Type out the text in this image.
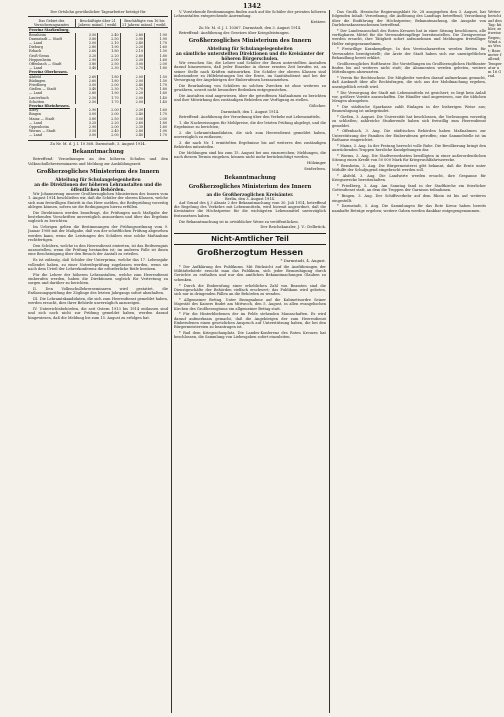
1342
Der Ortslohn gewöhnlicher Tagearbeiter beträgt für
Das Gebiet des Versicherungsamtes	Beschäftigte über 21 Jahren: männl. | weibl.		Beschäftigte von 16 bis 21 Jahren: männl. | weibl.	
Provinz Starkenburg.				
Bensheim	3.50	2.40	2.80	1.90
Darmstadt — Stadt	3.80	2.50	2.90	1.90
— Land	3.00	2.10	2.40	1.70
Dieburg	2.80	1.90	2.20	1.60
Erbach	2.60	1.80	2.10	1.50
Groß-Gerau	3.20	2.20	2.60	1.80
Heppenheim	2.90	2.00	2.30	1.60
Offenbach — Stadt	3.80	2.50	3.00	2.00
— Land	3.40	2.30	2.70	1.80
Provinz Oberhessen.				
Alsfeld	2.60	1.80	2.00	1.50
Büdingen	2.60	1.80	2.00	1.50
Friedberg	3.00	2.00	2.40	1.70
Gießen — Stadt	3.40	2.30	2.70	1.80
— Land	2.80	1.90	2.20	1.60
Lauterbach	2.50	1.70	2.00	1.40
Schotten	2.50	1.70	2.00	1.40
Provinz Rheinhessen.				
Alzey	2.90	2.00	2.30	1.60
Bingen	3.00	2.00	2.40	1.70
Mainz — Stadt	3.80	2.50	3.00	2.00
— Land	3.20	2.20	2.60	1.80
Oppenheim	2.90	2.00	2.30	1.60
Worms — Stadt	3.50	2.40	2.80	1.90
— Land	3.00	2.00	2.40	1.70
Zu Nr. M. d. J. I. 10 368. Darmstadt, 3. August 1914.
Bekanntmachung
Betreffend: Verordnungen an den höheren Schulen und den Volksschullehrerseminaren und Meldung zur Ausbildungszeit.
Großherzogliches Ministerium des Innern
Abteilung für Schulangelegenheiten
an die Direktionen der höheren Lehranstalten und die öffentlichen Behörden.
Wir Johannerung unserer Großherzoglichen Ministerium des Innern vom 1. August 1914 beschließen wir, daß die Schüler der oberen Klassen, welche sich zum freiwilligen Eintritt in das Heer melden, die Reifeprüfung vorzeitig ablegen können, sofern sie die Bedingungen hierzu erfüllen.
Die Direktionen werden beauftragt, die Prüfungen nach Maßgabe der bestehenden Vorschriften unverzüglich anzuordnen und über das Ergebnis sogleich zu berichten.
Im Uebrigen gelten die Bestimmungen der Prüfungsordnung vom 9. Januar 1908 mit der Maßgabe, daß von der schriftlichen Prüfung abgesehen werden kann, wenn die Leistungen des Schülers eine solche Maßnahme rechtfertigen.
Den Schülern, welche in den Heeresdienst eintreten, ist das Reifezeugnis auszustellen, wenn die Prüfung bestanden ist; im anderen Falle ist ihnen eine Bescheinigung über den Besuch der Anstalt zu erteilen.
Es ist zulässig, daß Schüler der Unterprima, welche das 17. Lebensjahr vollendet haben, zu einer Notreifeprüfung zugelassen werden, wenn sie nach dem Urteil der Lehrerkonferenz die erforderliche Reife besitzen.
Für die Lehrer der höheren Lehranstalten, welche zum Heeresdienst einberufen werden, haben die Direktionen sogleich für Vertretung zu sorgen und darüber zu berichten.
II. Den Volksschullehrerseminaren wird gestattet, die Entlassungsprüfung der Zöglinge des letzten Jahrgangs sofort abzuhalten.
III. Die Lehramtskandidaten, die sich zum Heeresdienst gemeldet haben, werden ersucht, dies ihrer Behörde unverzüglich anzuzeigen.
IV. Unterrichtsbehörden, die seit Ostern 1913 bis 1914 entlassen sind und sich noch nicht zur Prüfung gemeldet haben, werden darauf hingewiesen, daß die Meldung bis zum 15. August zu erfolgen hat.
V. Vorstehende Bestimmungen finden auch auf die Schüler der privaten höheren Lehranstalten entsprechende Anwendung.
Krätzer.
Zu Nr. M. d. J. I. 10367. Darmstadt, den 3. August 1914.
Betreffend: Ausführung des Gesetzes über Kriegsleistungen.
Großherzogliches Ministerium des Innern
Abteilung für Schulangelegenheiten
an sämtliche unterstellten Direktionen und die Kreisämter der höheren Bürgerschulen.
Wir ersuchen Sie, die Lehrer und Schüler der Ihnen unterstellten Anstalten darauf hinzuweisen, daß jeder Einzelne in dieser ernsten Zeit berufen ist, an seiner Stelle nach Kräften mitzuwirken. Die Schüler der oberen Klassen sind insbesondere zu Hilfeleistungen bei der Ernte, im Sanitätsdienst und bei der Versorgung der Angehörigen der Einberufenen heranzuziehen.
Die Beurlaubung von Schülern zu solchen Zwecken ist ohne weiteres zu gewähren, soweit nicht besondere Bedenken entgegenstehen.
Die Anstalten sind angewiesen, über die getroffenen Maßnahmen zu berichten und ihre Mitwirkung den zuständigen Behörden zur Verfügung zu stellen.
Gölicher.
Darmstadt, den 1. August 1914.
Betreffend: Ausführung der Verordnung über den Verkehr mit Lebensmitteln.
1. die Nachweisungen für Mehlpreise, die der letzten Prüfung abgelegt, und die Ergebnisse zu berichten;
2. die Lehramtskandidaten, die sich zum Heeresdienst gemeldet haben, unverzüglich zu entlassen;
3. die nach Nr. 1 ermittelten Ergebnisse bis auf weiteres den zuständigen Behörden mitzuteilen.
Die Meldungen sind bis zum 15. August bei uns einzureichen; Meldungen, die nach diesem Termin eingehen, können nicht mehr berücksichtigt werden.
Hölzinger
Seiderleen.
Bekanntmachung
Großherzogliches Ministerium des Innern
an die Großherzoglichen Kreisämter.
Berlin, den 3. August 1914.
Auf Grund des § 3 Absatz 2 der Bekanntmachung vom 30. Juli 1914, betreffend die Regelung des Verkehrs mit Lebensmitteln, wird hiermit angeordnet, daß die Kreisämter die Höchstpreise für die wichtigsten Lebensmittel unverzüglich festzusetzen haben.
Die Bekanntmachung ist in ortsüblicher Weise zu veröffentlichen.
Der Reichskanzler. J. V.: Delbrück.
Nicht-Amtlicher Teil
Großherzogtum Hessen
* Darmstadt, 4. August.
* Der Aufklärung des Publikums. Mit Rücksicht auf die Ausführungen der Militärbehörde ersucht man das Publikum, sich jeder Beunruhigung durch Gerüchte zu enthalten und nur den amtlichen Bekanntmachungen Glauben zu schenken.
* Durch die Einberufung einer erheblichen Zahl von Beamten sind die Dienstgeschäfte der Behörden vielfach erschwert; das Publikum wird gebeten, sich nur in dringenden Fällen an die Behörden zu wenden.
* Allgemeiner Bettag. Unter Bezugnahme auf die Kabinettsordre Seiner Majestät des Kaisers findet am Mittwoch, den 5. August, in allen evangelischen Kirchen des Großherzogtums ein allgemeiner Bettag statt.
* Für die Hinterbliebenen der im Felde stehenden Mannschaften. Es wird darauf aufmerksam gemacht, daß die Angehörigen der zum Heeresdienst Einberufenen einen gesetzlichen Anspruch auf Unterstützung haben, die bei den Bürgermeistereien zu beantragen ist.
* Rad dem Kriegsschauplatz. Die Landes-Konferenz des Roten Kreuzes hat beschlossen, die Sammlung von Liebesgaben sofort einzuleiten.
Das Großh. Hessische Regierungsblatt Nr. 28 ausgegeben den 3. August, hat folgenden Inhalt: Verordnung, die Auflösung des Landtags betreffend; Verordnung über die Einführung der Höchstpreise; Bekanntmachung, die Ausgabe von Darlehenskassenscheinen betreffend.
* Der Landesausschuß des Roten Kreuzes hat in einer Sitzung beschlossen, alle verfügbaren Mittel für die Verwundetenpflege bereitzustellen. Die Zweigvereine werden ersucht, ihre Tätigkeit sofort aufzunehmen und Meldungen freiwilliger Helfer entgegenzunehmen.
* Freiwillige Krankenpflege. In den Vereinslazaretten werden Betten für Verwundete bereitgestellt; die Ärzte der Stadt haben sich zur unentgeltlichen Behandlung bereit erklärt.
Großherzogliches Hoftheater. Die Vorstellungen im Großherzoglichen Hoftheater finden bis auf weiteres nicht statt; die Abonnenten werden gebeten, weitere Mitteilungen abzuwarten.
* Verein für Rechtsschutz. Die Mitglieder werden darauf aufmerksam gemacht, daß Auskunft über alle Rechtsfragen, die sich aus der Mobilmachung ergeben, unentgeltlich erteilt wird.
* Die Versorgung der Stadt mit Lebensmitteln ist gesichert; es liegt kein Anlaß vor, größere Vorräte anzuschaffen. Die Händler sind angewiesen, nur die üblichen Mengen abzugeben.
* Die städtische Sparkasse zahlt Einlagen in der bisherigen Weise aus; Beunruhigung ist unbegründet.
* Gießen, 3. August. Die Universität hat beschlossen, die Vorlesungen vorzeitig zu schließen; zahlreiche Studierende haben sich freiwillig zum Heeresdienst gemeldet.
* Offenbach, 3. Aug. Die städtischen Behörden haben Maßnahmen zur Unterstützung der Familien der Einberufenen getroffen; eine Sammelstelle ist im Rathause eingerichtet.
* Mainz, 3. Aug. In der Festung herrscht volle Ruhe. Die Bevölkerung bringt den ausrückenden Truppen herzliche Kundgebungen dar.
* Worms, 3. Aug. Die Stadtverordneten bewilligten in einer außerordentlichen Sitzung einen Kredit von 50 000 Mark für Kriegswohlfahrtszwecke.
* Bensheim, 3. Aug. Die Bürgermeisterei gibt bekannt, daß die Ernte unter Mithilfe der Schuljugend eingebracht werden soll.
* Alsfeld, 3. Aug. Die Landwirte werden ersucht, ihre Gespanne für Kriegszwecke bereitzuhalten.
* Friedberg, 3. Aug. Am Sonntag fand in der Stadtkirche ein feierlicher Gottesdienst statt, an dem die Truppen der Garnison teilnahmen.
* Bingen, 3. Aug. Der Schiffsverkehr auf dem Rhein ist bis auf weiteres eingestellt.
* Darmstadt, 3. Aug. Die Sammlungen für das Rote Kreuz haben bereits namhafte Beträge ergeben; weitere Gaben werden dankbar entgegengenommen.
Wetterbericht auf den Tag: kühler, zeitweise Regen; Wind aus West; Barometer fallend; Temperatur um 16 Grad.
